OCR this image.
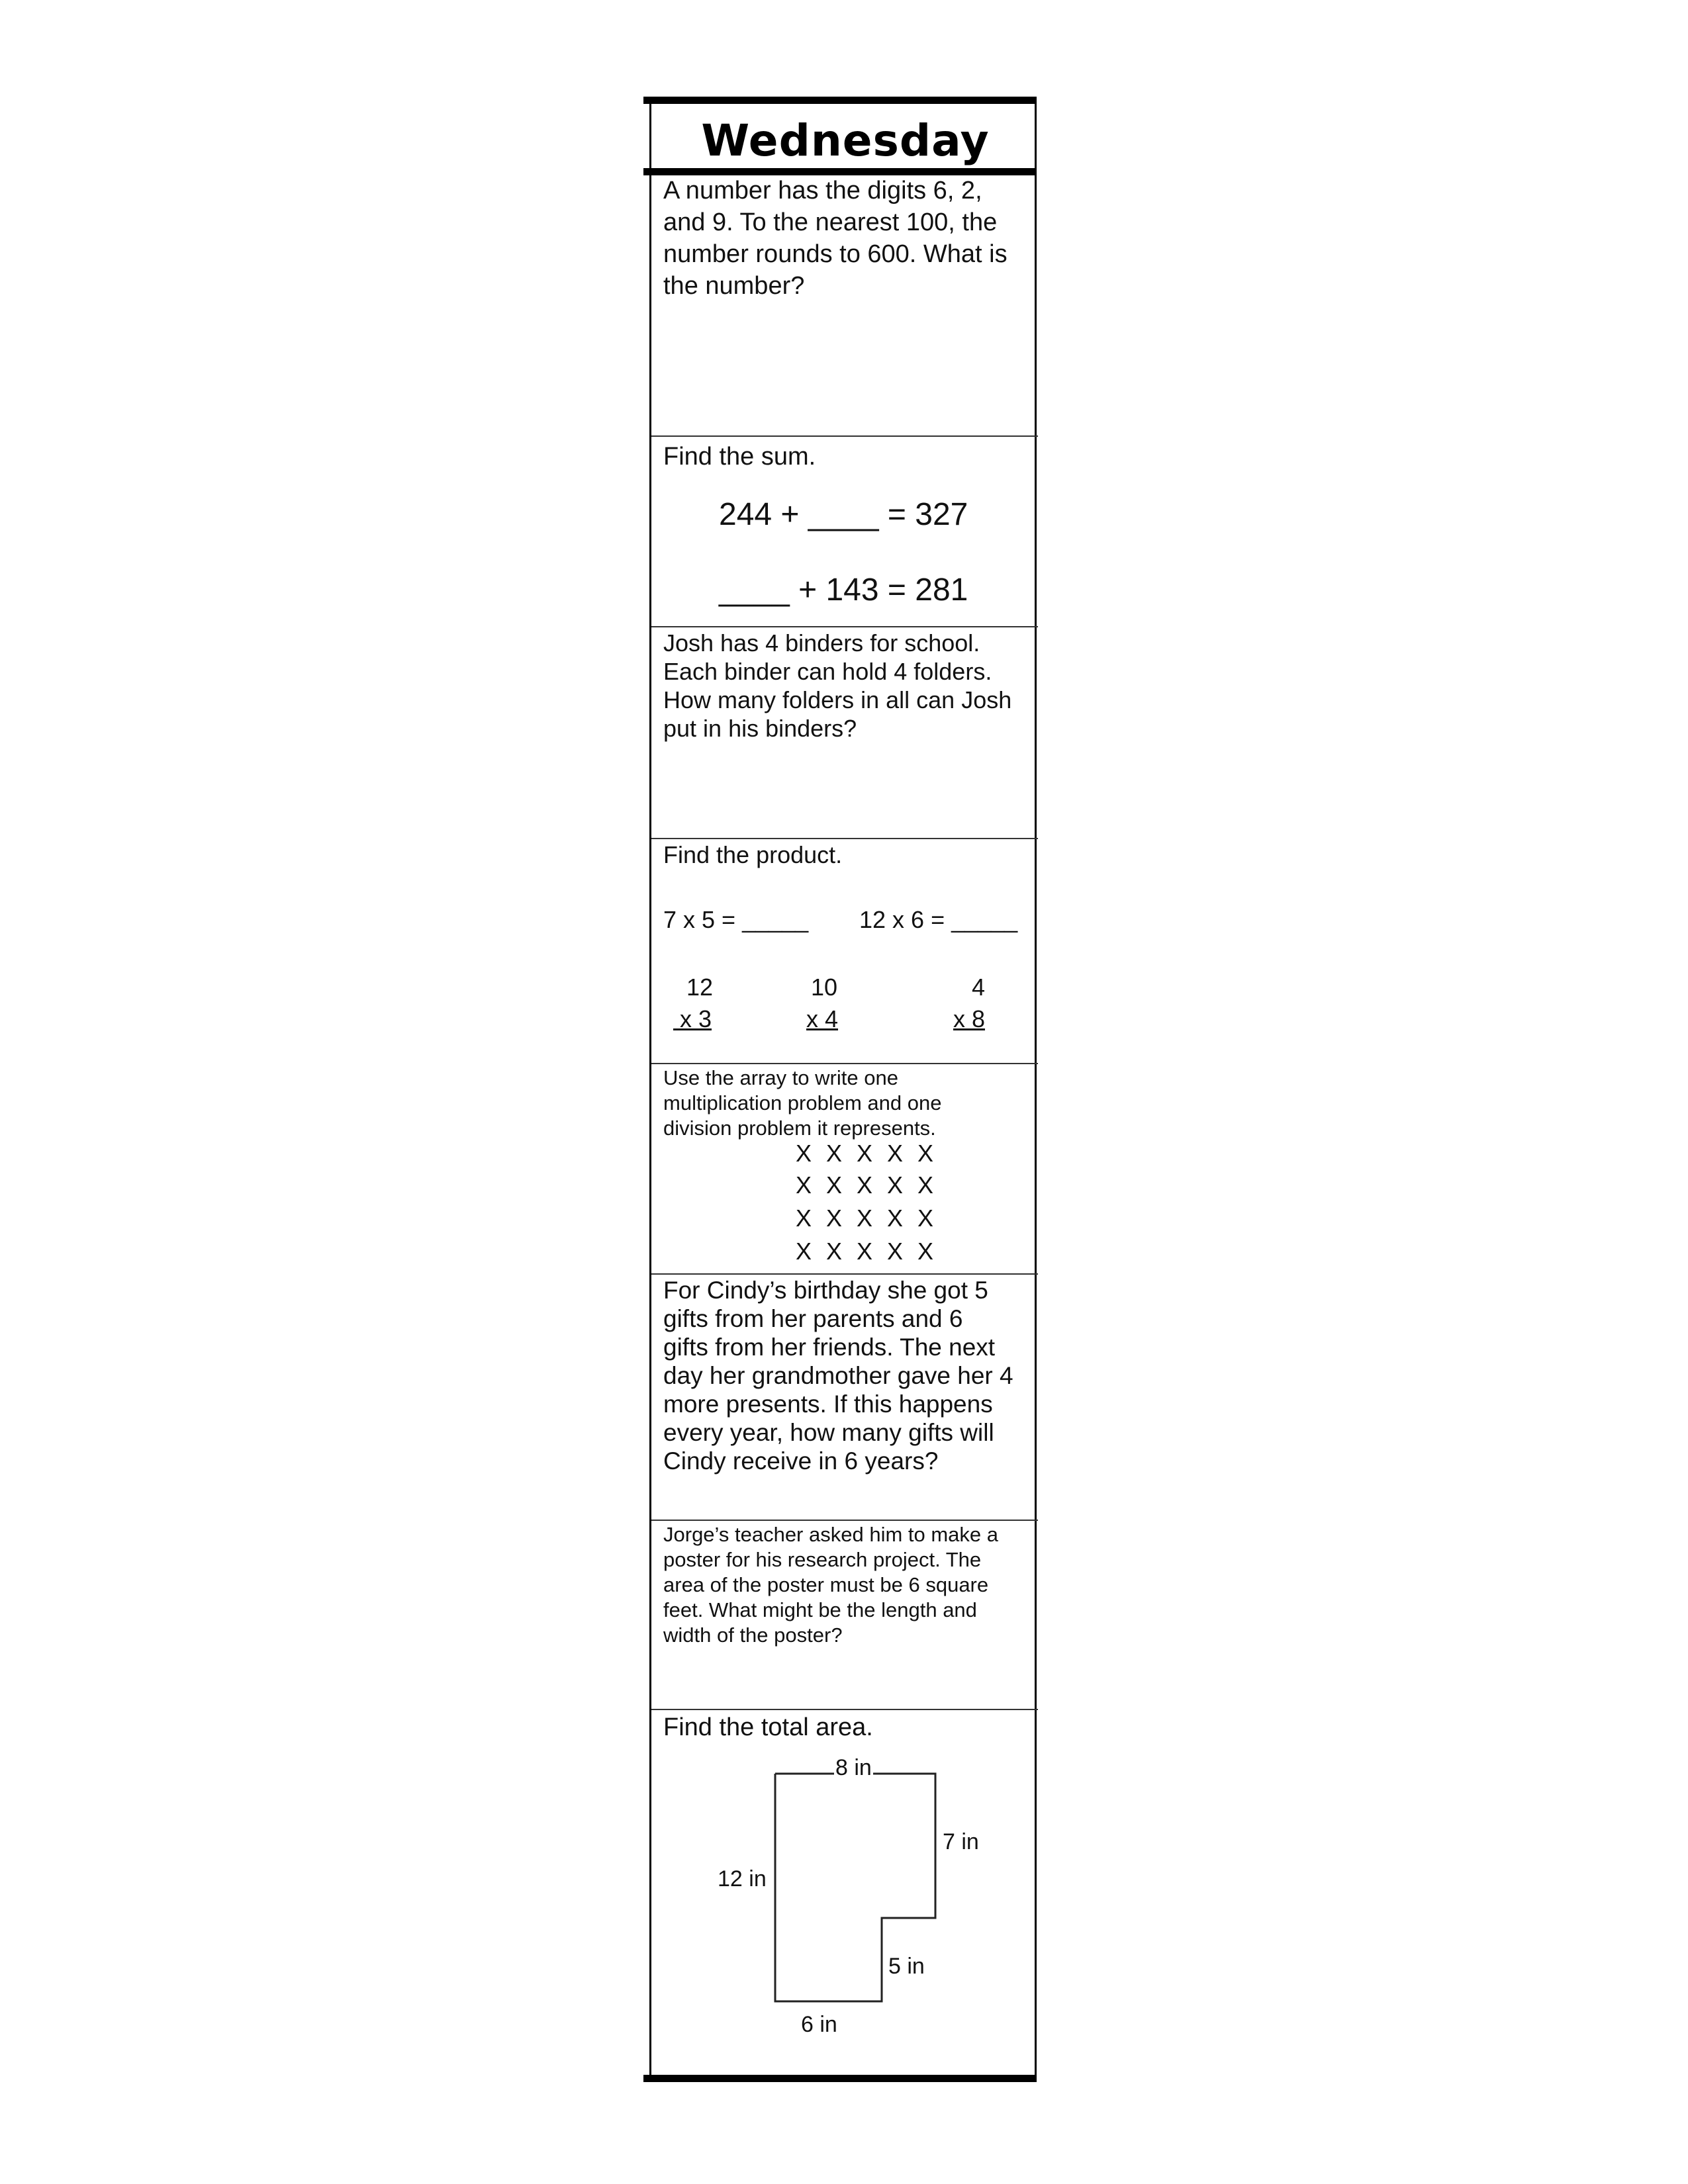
Wednesday
A number has the digits 6, 2, and 9. To the nearest 100, the number rounds to 600. What is the number?
Find the sum.
244 + ____ = 327
____ + 143 = 281
Josh has 4 binders for school. Each binder can hold 4 folders. How many folders in all can Josh put in his binders?
Find the product.
7 x 5 = _____ 12 x 6 = _____
12
x 3
10
x 4
4
x 8
Use the array to write one multiplication problem and one division problem it represents.
X X X X X
X X X X X
X X X X X
X X X X X
For Cindy’s birthday she got 5 gifts from her parents and 6 gifts from her friends. The next day her grandmother gave her 4 more presents. If this happens every year, how many gifts will Cindy receive in 6 years?
Jorge’s teacher asked him to make a poster for his research project. The area of the poster must be 6 square feet. What might be the length and width of the poster?
Find the total area.
8 in
7 in
12 in
5 in
6 in
